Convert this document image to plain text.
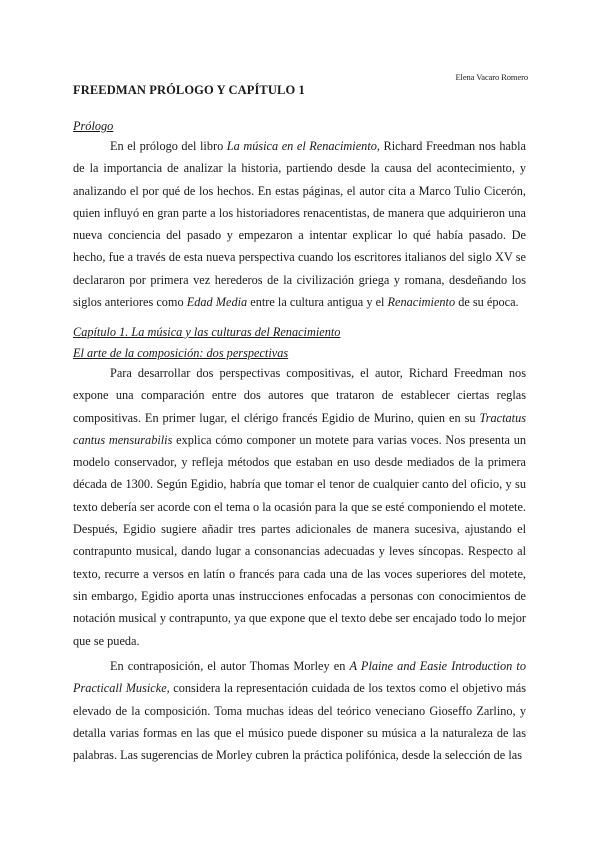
Elena Vacaro Romero
FREEDMAN PRÓLOGO Y CAPÍTULO 1
Prólogo

En el prólogo del libro La música en el Renacimiento, Richard Freedman nos habla de la importancia de analizar la historia, partiendo desde la causa del acontecimiento, y analizando el por qué de los hechos. En estas páginas, el autor cita a Marco Tulio Cicerón, quien influyó en gran parte a los historiadores renacentistas, de manera que adquirieron una nueva conciencia del pasado y empezaron a intentar explicar lo qué había pasado. De hecho, fue a través de esta nueva perspectiva cuando los escritores italianos del siglo XV se declararon por primera vez herederos de la civilización griega y romana, desdeñando los siglos anteriores como Edad Media entre la cultura antigua y el Renacimiento de su época.

Capítulo 1. La música y las culturas del Renacimiento
El arte de la composición: dos perspectivas

Para desarrollar dos perspectivas compositivas, el autor, Richard Freedman nos expone una comparación entre dos autores que trataron de establecer ciertas reglas compositivas. En primer lugar, el clérigo francés Egidio de Murino, quien en su Tractatus cantus mensurabilis explica cómo componer un motete para varias voces. Nos presenta un modelo conservador, y refleja métodos que estaban en uso desde mediados de la primera década de 1300. Según Egidio, habría que tomar el tenor de cualquier canto del oficio, y su texto debería ser acorde con el tema o la ocasión para la que se esté componiendo el motete. Después, Egidio sugiere añadir tres partes adicionales de manera sucesiva, ajustando el contrapunto musical, dando lugar a consonancias adecuadas y leves síncopas. Respecto al texto, recurre a versos en latín o francés para cada una de las voces superiores del motete, sin embargo, Egidio aporta unas instrucciones enfocadas a personas con conocimientos de notación musical y contrapunto, ya que expone que el texto debe ser encajado todo lo mejor que se pueda.

En contraposición, el autor Thomas Morley en A Plaine and Easie Introduction to Practicall Musicke, considera la representación cuidada de los textos como el objetivo más elevado de la composición. Toma muchas ideas del teórico veneciano Gioseffo Zarlino, y detalla varias formas en las que el músico puede disponer su música a la naturaleza de las palabras. Las sugerencias de Morley cubren la práctica polifónica, desde la selección de las
